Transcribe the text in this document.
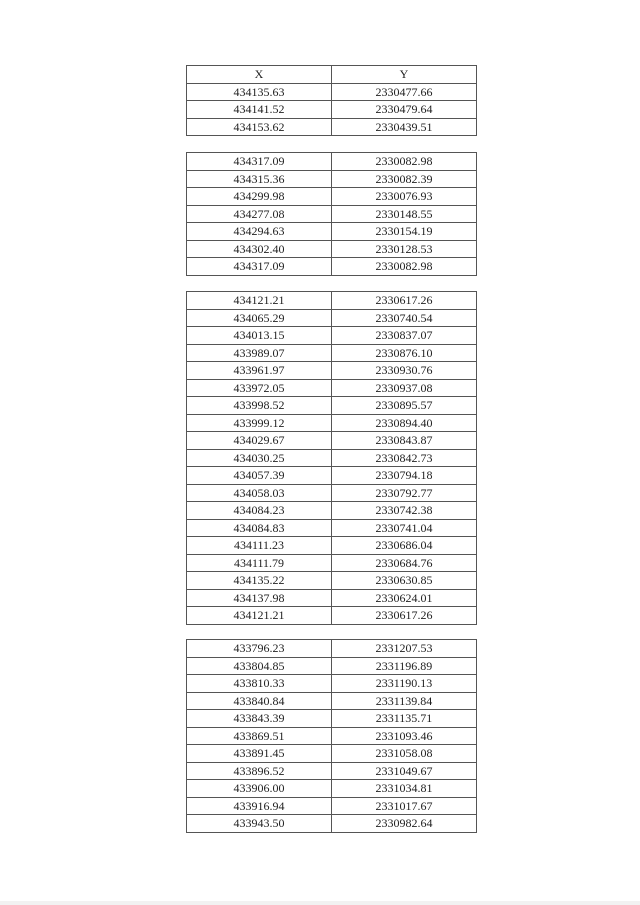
X	Y
434135.63	2330477.66
434141.52	2330479.64
434153.62	2330439.51
434317.09	2330082.98
434315.36	2330082.39
434299.98	2330076.93
434277.08	2330148.55
434294.63	2330154.19
434302.40	2330128.53
434317.09	2330082.98
434121.21	2330617.26
434065.29	2330740.54
434013.15	2330837.07
433989.07	2330876.10
433961.97	2330930.76
433972.05	2330937.08
433998.52	2330895.57
433999.12	2330894.40
434029.67	2330843.87
434030.25	2330842.73
434057.39	2330794.18
434058.03	2330792.77
434084.23	2330742.38
434084.83	2330741.04
434111.23	2330686.04
434111.79	2330684.76
434135.22	2330630.85
434137.98	2330624.01
434121.21	2330617.26
433796.23	2331207.53
433804.85	2331196.89
433810.33	2331190.13
433840.84	2331139.84
433843.39	2331135.71
433869.51	2331093.46
433891.45	2331058.08
433896.52	2331049.67
433906.00	2331034.81
433916.94	2331017.67
433943.50	2330982.64
